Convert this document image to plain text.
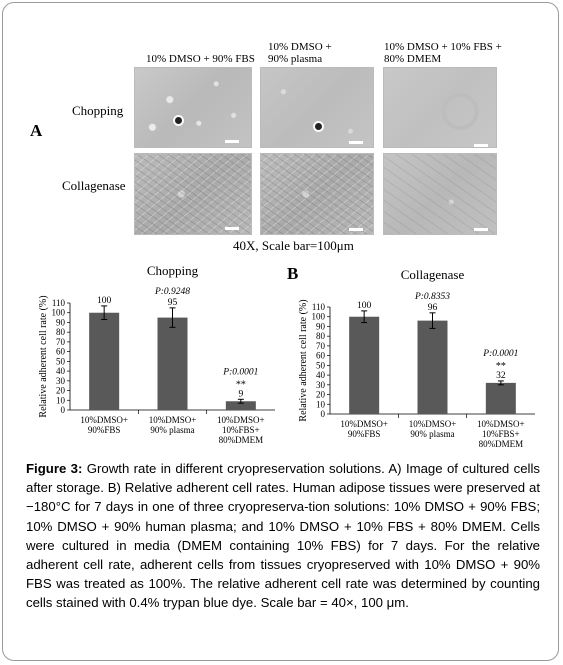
A
10% DMSO + 90% FBS
10% DMSO +
90% plasma
10% DMSO + 10% FBS +
80% DMEM
Chopping
Collagenase
40X, Scale bar=100μm
B
Chopping
Relative adherent cell rate (%) 0
10
20
30
40
50
60
70
80
90
100
110	100
10%DMSO+
90%FBS
95
P:0.9248
10%DMSO+
90% plasma
9
**
P:0.0001
10%DMSO+
10%FBS+
80%DMEM
Collagenase
Relative adherent cell rate (%) 0
10
20
30
40
50
60
70
80
90
100
110	100
10%DMSO+
90%FBS
96
P:0.8353
10%DMSO+
90% plasma
32
**
P:0.0001
10%DMSO+
10%FBS+
80%DMEM
Figure 3: Growth rate in different cryopreservation solutions. A) Image of cultured cells after storage. B) Relative adherent cell rates. Human adipose tissues were preserved at −180°C for 7 days in one of three cryopreserva-tion solutions: 10% DMSO + 90% FBS; 10% DMSO + 90% human plasma; and 10% DMSO + 10% FBS + 80% DMEM. Cells were cultured in media (DMEM containing 10% FBS) for 7 days. For the relative adherent cell rate, adherent cells from tissues cryopreserved with 10% DMSO + 90% FBS was treated as 100%. The relative adherent cell rate was determined by counting cells stained with 0.4% trypan blue dye. Scale bar = 40×, 100 μm.
